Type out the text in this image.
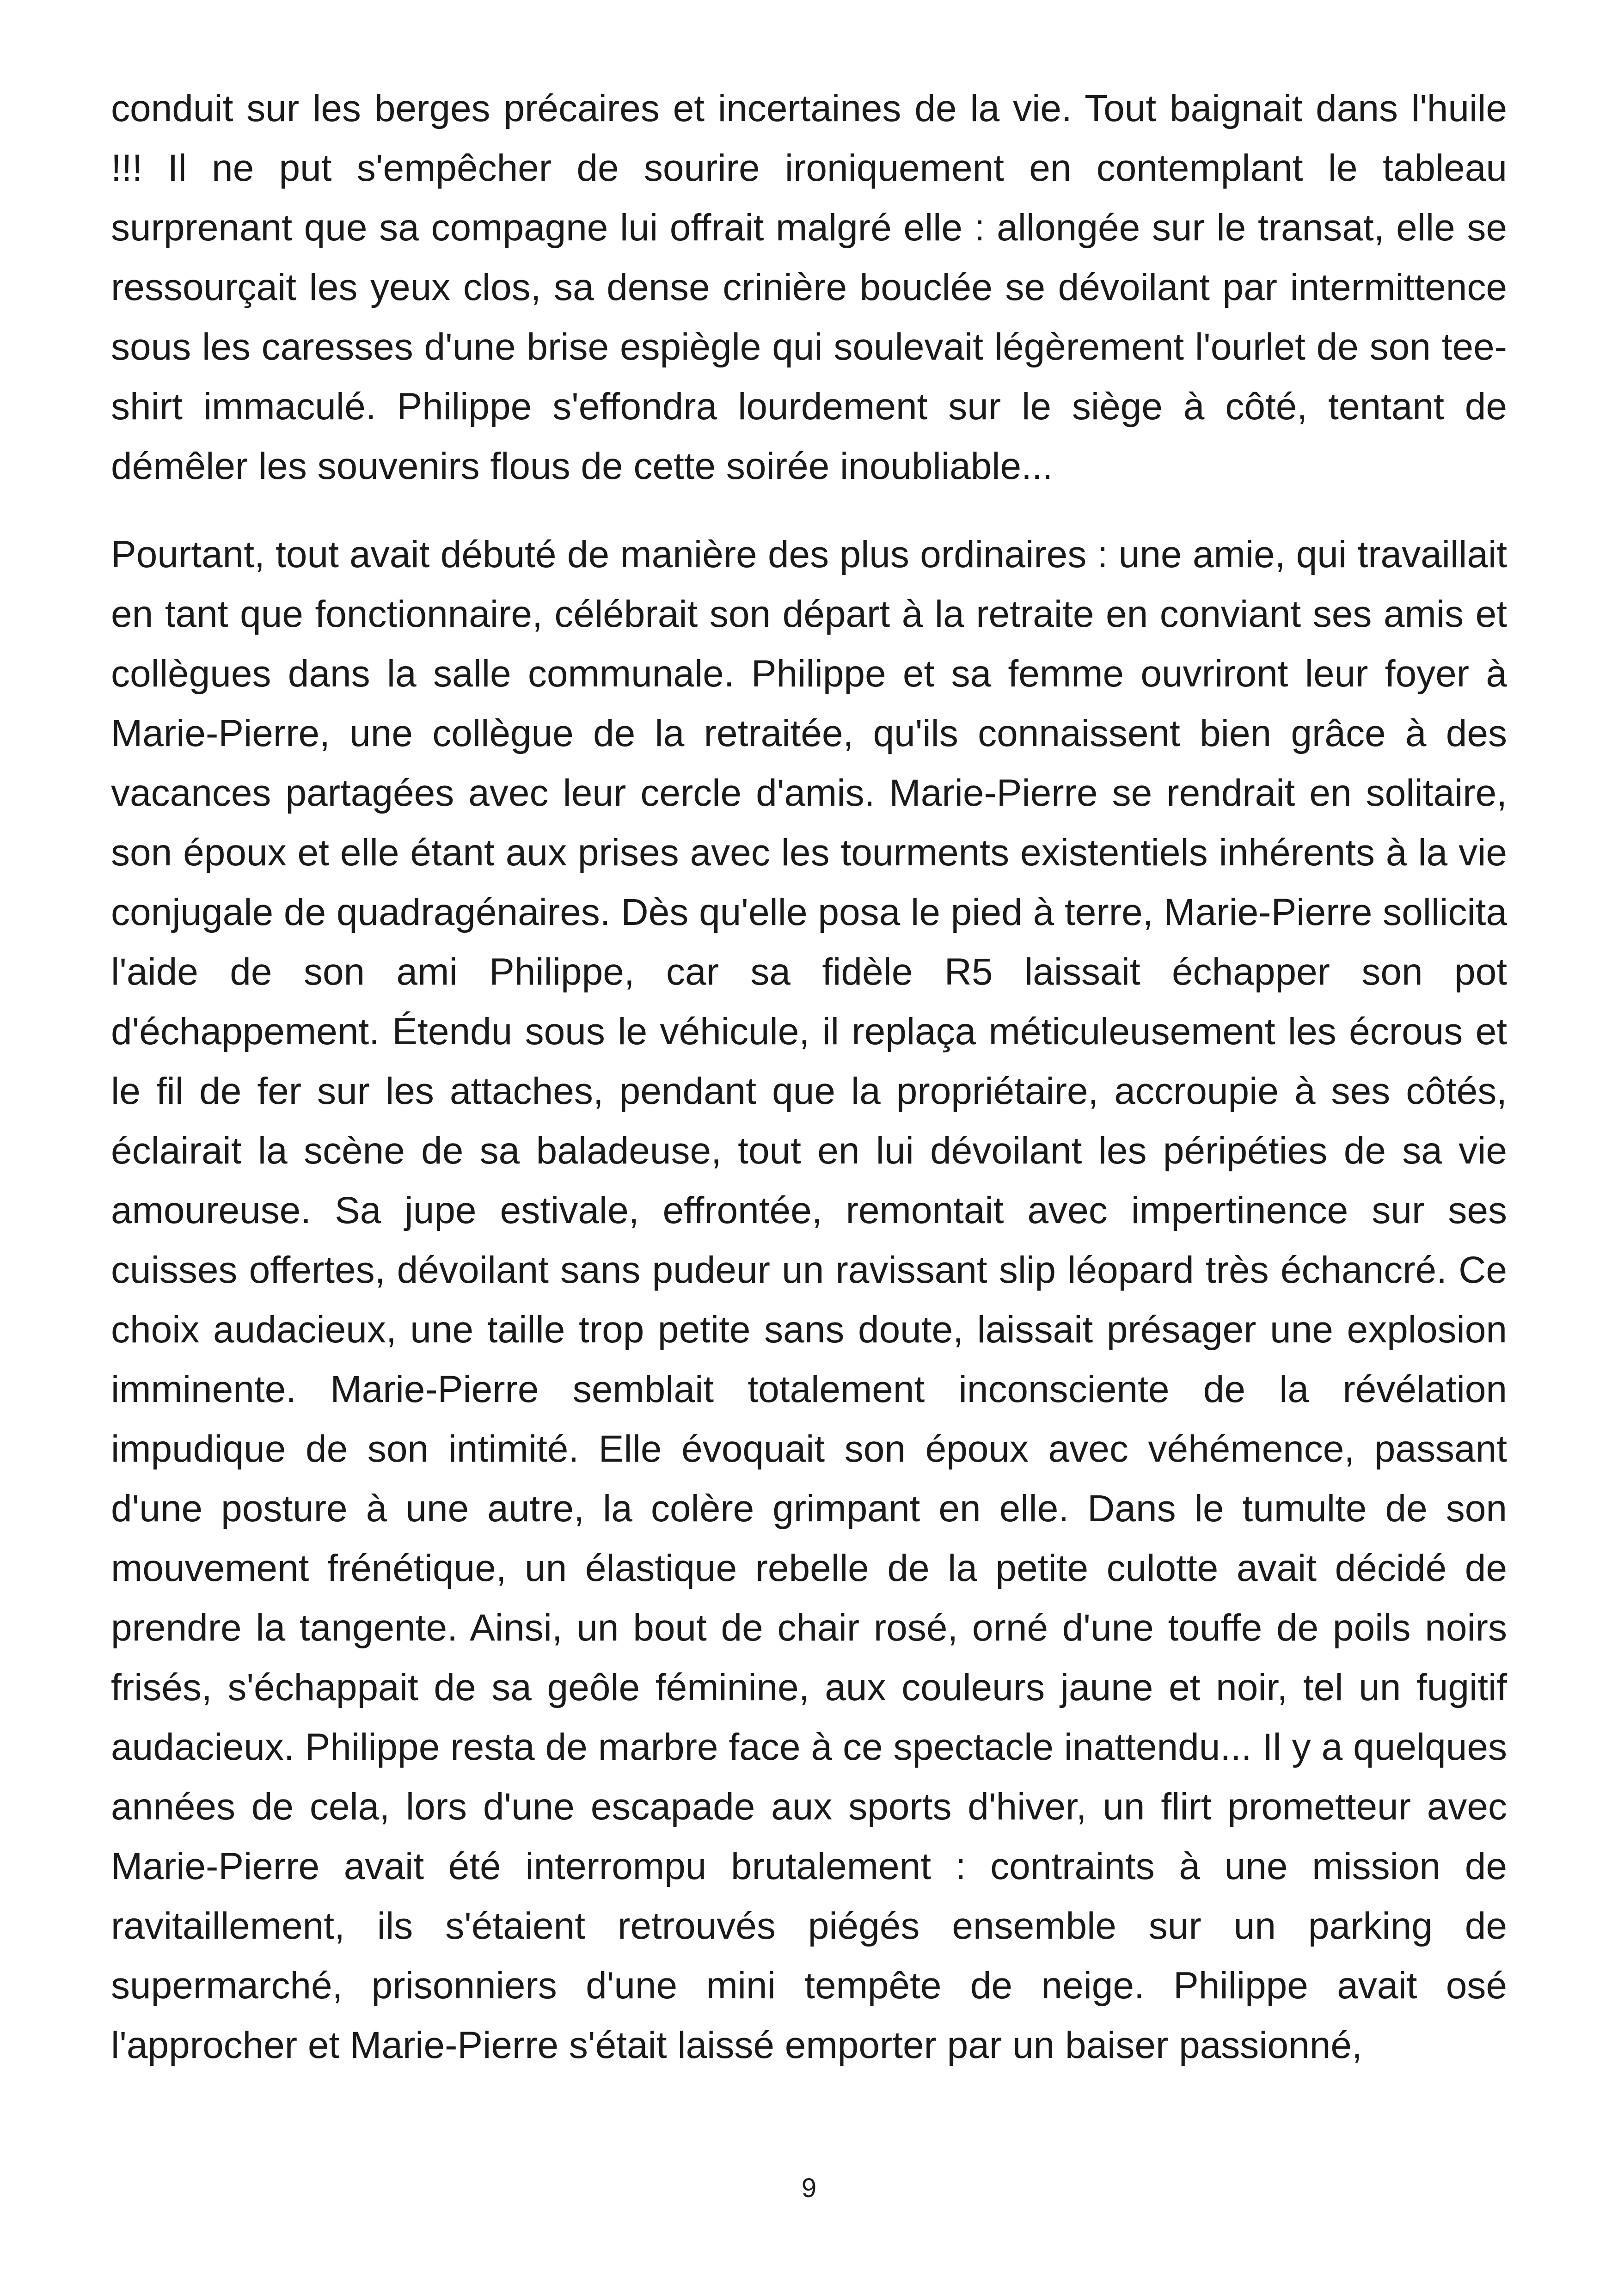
conduit sur les berges précaires et incertaines de la vie. Tout baignait dans l'huile !!! Il ne put s'empêcher de sourire ironiquement en contemplant le tableau surprenant que sa compagne lui offrait malgré elle : allongée sur le transat, elle se ressourçait les yeux clos, sa dense crinière bouclée se dévoilant par intermittence sous les caresses d'une brise espiègle qui soulevait légèrement l'ourlet de son tee-shirt immaculé. Philippe s'effondra lourdement sur le siège à côté, tentant de démêler les souvenirs flous de cette soirée inoubliable...

Pourtant, tout avait débuté de manière des plus ordinaires : une amie, qui travaillait en tant que fonctionnaire, célébrait son départ à la retraite en conviant ses amis et collègues dans la salle communale. Philippe et sa femme ouvriront leur foyer à Marie-Pierre, une collègue de la retraitée, qu'ils connaissent bien grâce à des vacances partagées avec leur cercle d'amis. Marie-Pierre se rendrait en solitaire, son époux et elle étant aux prises avec les tourments existentiels inhérents à la vie conjugale de quadragénaires. Dès qu'elle posa le pied à terre, Marie-Pierre sollicita l'aide de son ami Philippe, car sa fidèle R5 laissait échapper son pot d'échappement. Étendu sous le véhicule, il replaça méticuleusement les écrous et le fil de fer sur les attaches, pendant que la propriétaire, accroupie à ses côtés, éclairait la scène de sa baladeuse, tout en lui dévoilant les péripéties de sa vie amoureuse. Sa jupe estivale, effrontée, remontait avec impertinence sur ses cuisses offertes, dévoilant sans pudeur un ravissant slip léopard très échancré. Ce choix audacieux, une taille trop petite sans doute, laissait présager une explosion imminente. Marie-Pierre semblait totalement inconsciente de la révélation impudique de son intimité. Elle évoquait son époux avec véhémence, passant d'une posture à une autre, la colère grimpant en elle. Dans le tumulte de son mouvement frénétique, un élastique rebelle de la petite culotte avait décidé de prendre la tangente. Ainsi, un bout de chair rosé, orné d'une touffe de poils noirs frisés, s'échappait de sa geôle féminine, aux couleurs jaune et noir, tel un fugitif audacieux. Philippe resta de marbre face à ce spectacle inattendu... Il y a quelques années de cela, lors d'une escapade aux sports d'hiver, un flirt prometteur avec Marie-Pierre avait été interrompu brutalement : contraints à une mission de ravitaillement, ils s'étaient retrouvés piégés ensemble sur un parking de supermarché, prisonniers d'une mini tempête de neige. Philippe avait osé l'approcher et Marie-Pierre s'était laissé emporter par un baiser passionné,

9
